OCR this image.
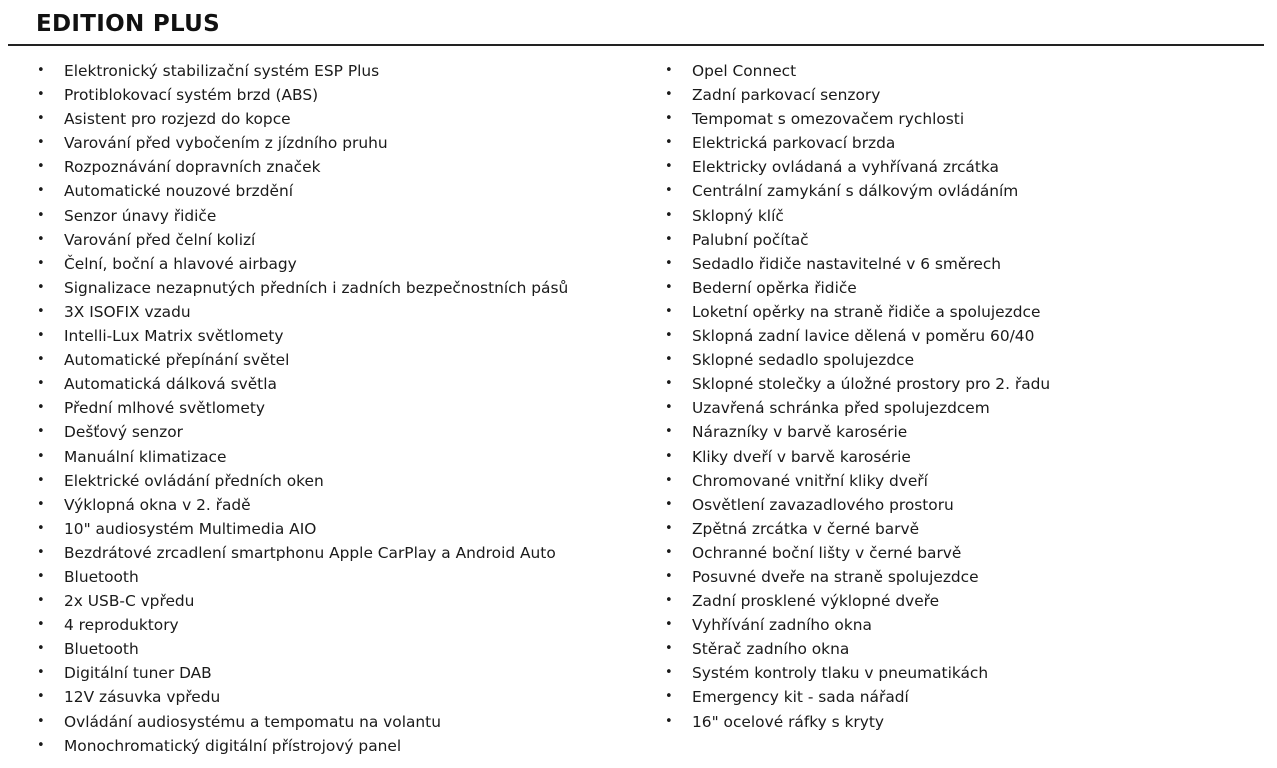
EDITION PLUS
• Elektronický stabilizační systém ESP Plus
• Protiblokovací systém brzd (ABS)
• Asistent pro rozjezd do kopce
• Varování před vybočením z jízdního pruhu
• Rozpoznávání dopravních značek
• Automatické nouzové brzdění
• Senzor únavy řidiče
• Varování před čelní kolizí
• Čelní, boční a hlavové airbagy
• Signalizace nezapnutých předních i zadních bezpečnostních pásů
• 3X ISOFIX vzadu
• Intelli-Lux Matrix světlomety
• Automatické přepínání světel
• Automatická dálková světla
• Přední mlhové světlomety
• Dešťový senzor
• Manuální klimatizace
• Elektrické ovládání předních oken
• Výklopná okna v 2. řadě
• 10" audiosystém Multimedia AIO
• Bezdrátové zrcadlení smartphonu Apple CarPlay a Android Auto
• Bluetooth
• 2x USB-C vpředu
• 4 reproduktory
• Bluetooth
• Digitální tuner DAB
• 12V zásuvka vpředu
• Ovládání audiosystému a tempomatu na volantu
• Monochromatický digitální přístrojový panel
• Opel Connect
• Zadní parkovací senzory
• Tempomat s omezovačem rychlosti
• Elektrická parkovací brzda
• Elektricky ovládaná a vyhřívaná zrcátka
• Centrální zamykání s dálkovým ovládáním
• Sklopný klíč
• Palubní počítač
• Sedadlo řidiče nastavitelné v 6 směrech
• Bederní opěrka řidiče
• Loketní opěrky na straně řidiče a spolujezdce
• Sklopná zadní lavice dělená v poměru 60/40
• Sklopné sedadlo spolujezdce
• Sklopné stolečky a úložné prostory pro 2. řadu
• Uzavřená schránka před spolujezdcem
• Nárazníky v barvě karosérie
• Kliky dveří v barvě karosérie
• Chromované vnitřní kliky dveří
• Osvětlení zavazadlového prostoru
• Zpětná zrcátka v černé barvě
• Ochranné boční lišty v černé barvě
• Posuvné dveře na straně spolujezdce
• Zadní prosklené výklopné dveře
• Vyhřívání zadního okna
• Stěrač zadního okna
• Systém kontroly tlaku v pneumatikách
• Emergency kit - sada nářadí
• 16" ocelové ráfky s kryty
